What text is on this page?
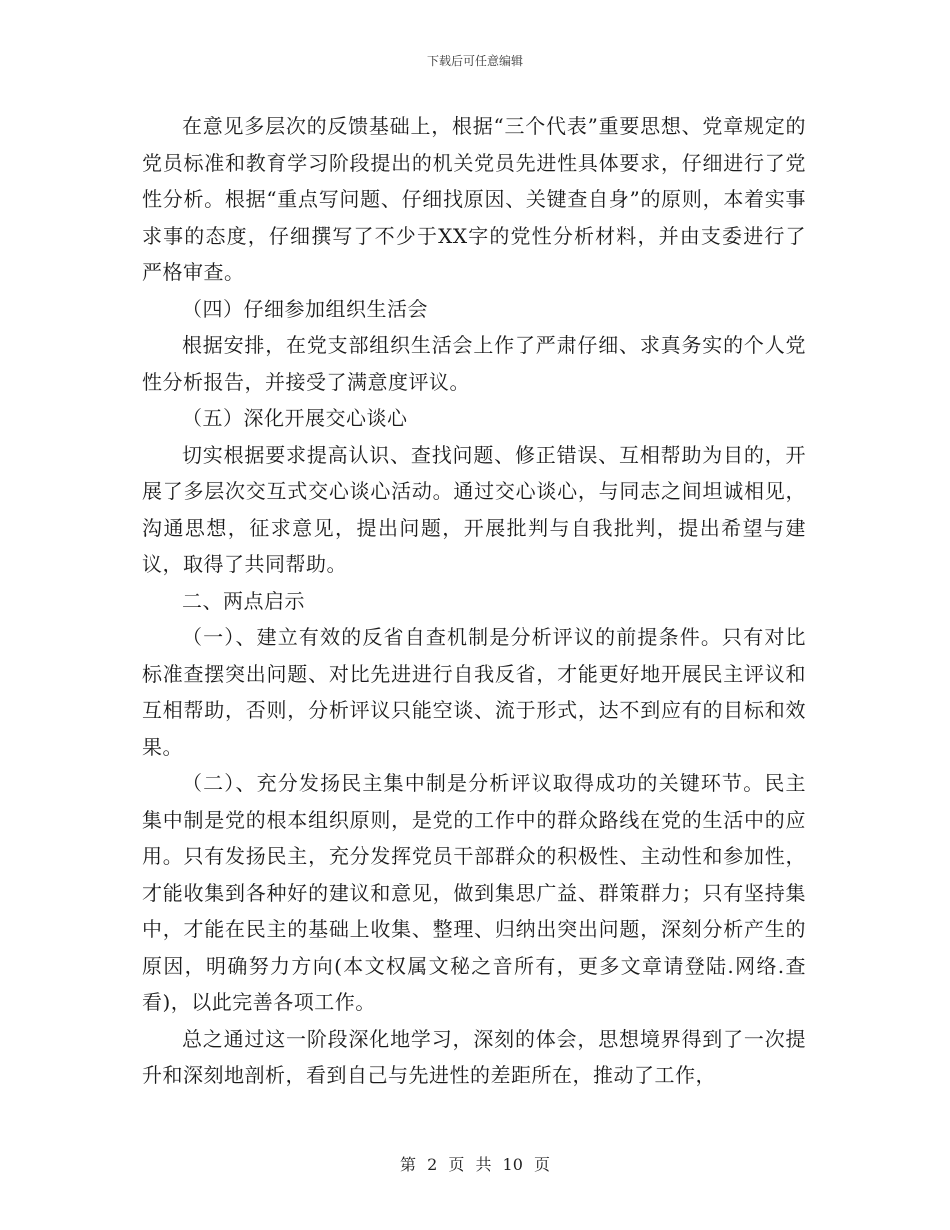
下载后可任意编辑

在意见多层次的反馈基础上，根据“三个代表”重要思想、党章规定的党员标准和教育学习阶段提出的机关党员先进性具体要求，仔细进行了党性分析。根据“重点写问题、仔细找原因、关键查自身”的原则，本着实事求事的态度，仔细撰写了不少于XX字的党性分析材料，并由支委进行了严格审查。

（四）仔细参加组织生活会

根据安排，在党支部组织生活会上作了严肃仔细、求真务实的个人党性分析报告，并接受了满意度评议。

（五）深化开展交心谈心

切实根据要求提高认识、查找问题、修正错误、互相帮助为目的，开展了多层次交互式交心谈心活动。通过交心谈心，与同志之间坦诚相见，沟通思想，征求意见，提出问题，开展批判与自我批判，提出希望与建议，取得了共同帮助。

二、两点启示

（一）、建立有效的反省自查机制是分析评议的前提条件。只有对比标准查摆突出问题、对比先进进行自我反省，才能更好地开展民主评议和互相帮助，否则，分析评议只能空谈、流于形式，达不到应有的目标和效果。

（二）、充分发扬民主集中制是分析评议取得成功的关键环节。民主集中制是党的根本组织原则，是党的工作中的群众路线在党的生活中的应用。只有发扬民主，充分发挥党员干部群众的积极性、主动性和参加性，才能收集到各种好的建议和意见，做到集思广益、群策群力；只有坚持集中，才能在民主的基础上收集、整理、归纳出突出问题，深刻分析产生的原因，明确努力方向(本文权属文秘之音所有，更多文章请登陆.网络.查看)，以此完善各项工作。

总之通过这一阶段深化地学习，深刻的体会，思想境界得到了一次提升和深刻地剖析，看到自己与先进性的差距所在，推动了工作，

第 2 页 共 10 页
